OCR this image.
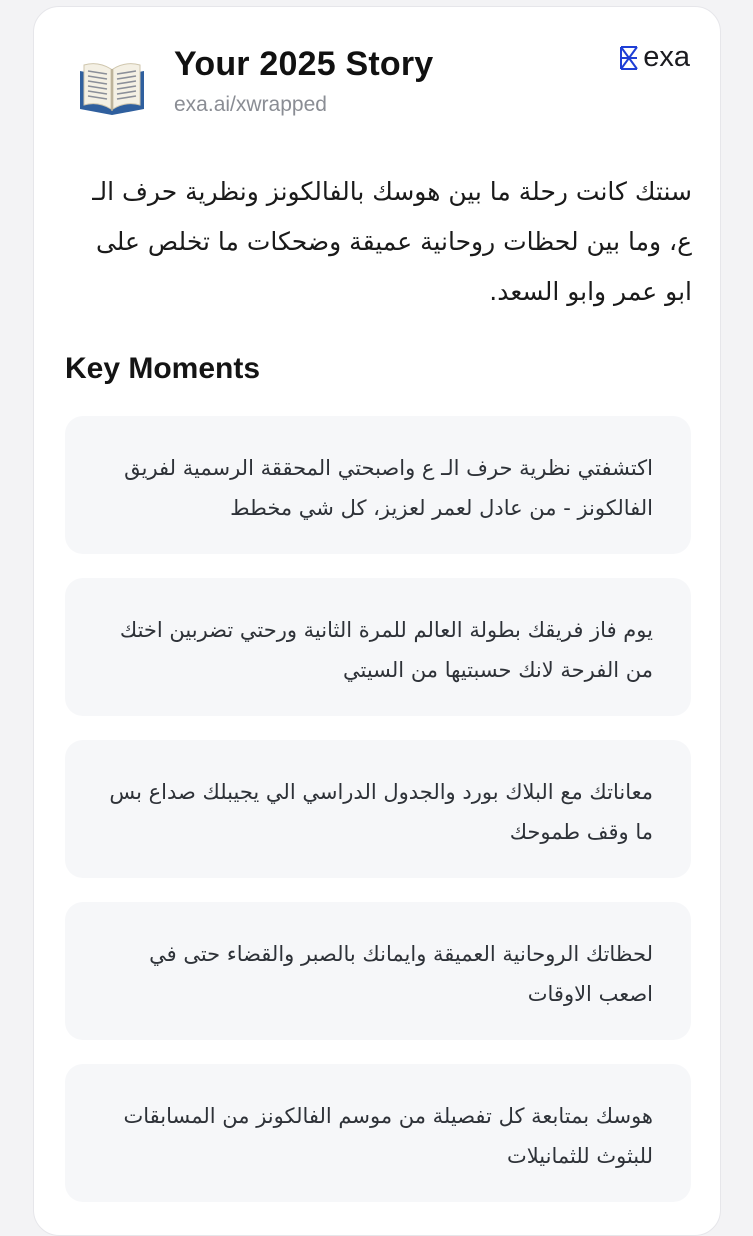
Your 2025 Story
exa.ai/xwrapped
exa
سنتك كانت رحلة ما بين هوسك بالفالكونز ونظرية حرف الـ ع، وما بين لحظات روحانية عميقة وضحكات ما تخلص على ابو عمر وابو السعد.
Key Moments
اكتشفتي نظرية حرف الـ ع واصبحتي المحققة الرسمية لفريق الفالكونز - من عادل لعمر لعزيز، كل شي مخطط
يوم فاز فريقك بطولة العالم للمرة الثانية ورحتي تضربين اختك من الفرحة لانك حسبتيها من السيتي
معاناتك مع البلاك بورد والجدول الدراسي الي يجيبلك صداع بس ما وقف طموحك
لحظاتك الروحانية العميقة وايمانك بالصبر والقضاء حتى في اصعب الاوقات
هوسك بمتابعة كل تفصيلة من موسم الفالكونز من المسابقات للبثوث للثمانيلات
